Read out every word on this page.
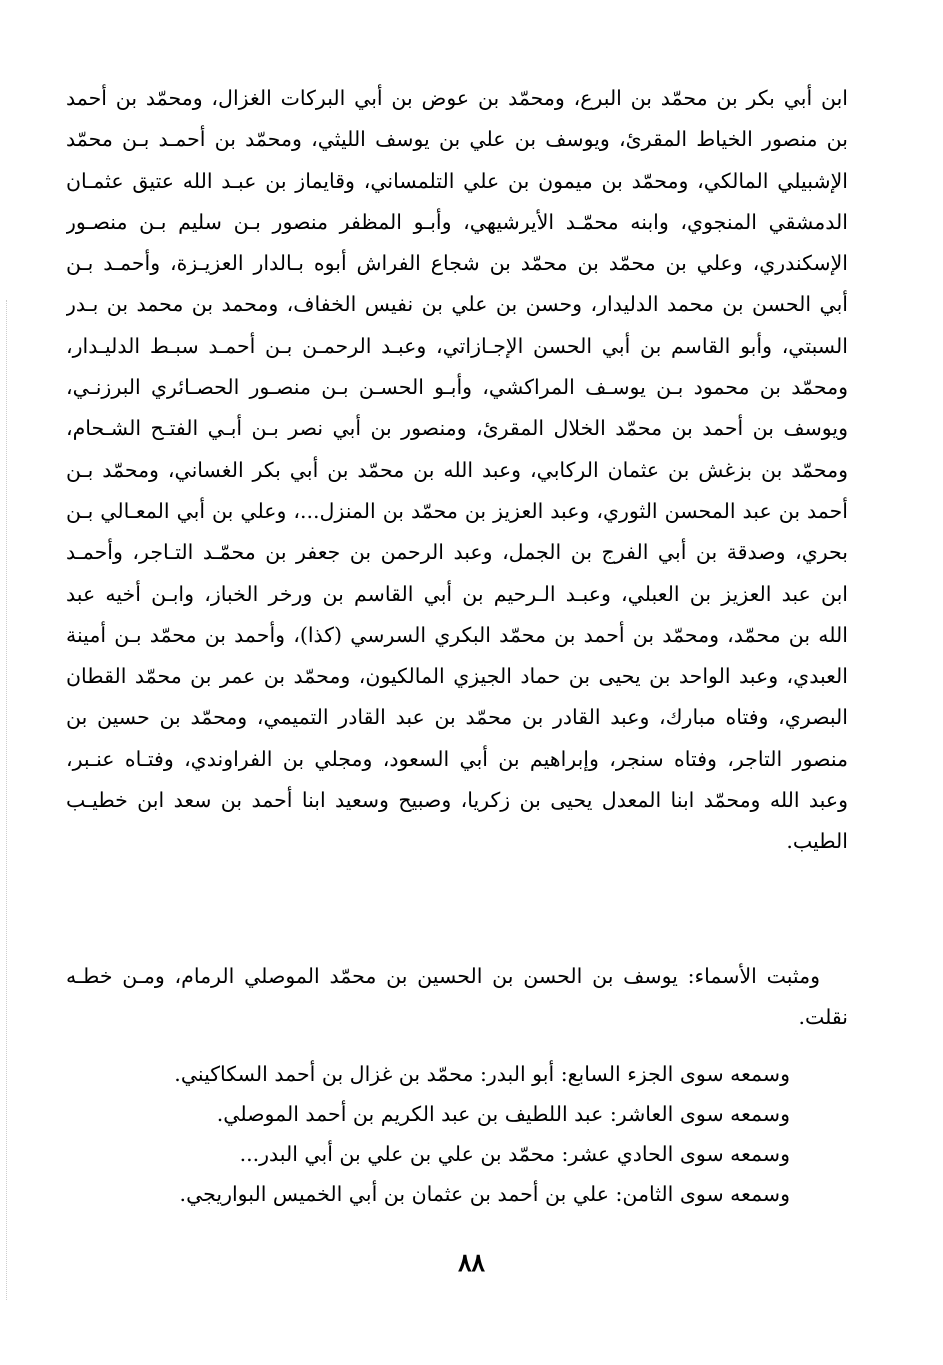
ابن أبي بكر بن محمّد بن البرع، ومحمّد بن عوض بن أبي البركات الغزال، ومحمّد بن أحمد
بن منصور الخياط المقرئ، ويوسف بن علي بن يوسف الليثي، ومحمّد بن أحمـد بـن محمّد
الإشبيلي المالكي، ومحمّد بن ميمون بن علي التلمساني، وقايماز بن عبـد الله عتيق عثمـان
الدمشقي المنجوي، وابنه محمّـد الأيرشيهي، وأبـو المظفر منصور بـن سليم بـن منصـور
الإسكندري، وعلي بن محمّد بن محمّد بن شجاع الفراش أبوه بـالدار العزيـزة، وأحمـد بـن
أبي الحسن بن محمد الدليدار، وحسن بن علي بن نفيس الخفاف، ومحمد بن محمد بن بـدر
السبتي، وأبو القاسم بن أبي الحسن الإجـازاتي، وعبـد الرحمـن بـن أحمـد سبـط الدليـدار،
ومحمّد بن محمود بـن يوسـف المراكشي، وأبـو الحسـن بـن منصـور الحصـائري البرزنـي،
ويوسف بن أحمد بن محمّد الخلال المقرئ، ومنصور بن أبي نصر بـن أبـي الفتـح الشـحام،
ومحمّد بن بزغش بن عثمان الركابي، وعبد الله بن محمّد بن أبي بكر الغساني، ومحمّد بـن
أحمد بن عبد المحسن الثوري، وعبد العزيز بن محمّد بن المنزل...، وعلي بن أبي المعـالي بـن
بحري، وصدقة بن أبي الفرج بن الجمل، وعبد الرحمن بن جعفر بن محمّـد التـاجر، وأحمـد
ابن عبد العزيز بن العبلي، وعبـد الـرحيم بن أبي القاسم بن ورخر الخباز، وابـن أخيه عبد
الله بن محمّد، ومحمّد بن أحمد بن محمّد البكري السرسي (كذا)، وأحمد بن محمّد بـن أمينة
العبدي، وعبد الواحد بن يحيى بن حماد الجيزي المالكيون، ومحمّد بن عمر بن محمّد القطان
البصري، وفتاه مبارك، وعبد القادر بن محمّد بن عبد القادر التميمي، ومحمّد بن حسين بن
منصور التاجر، وفتاه سنجر، وإبراهيم بن أبي السعود، ومجلي بن الفراوندي، وفتـاه عنـبر،
وعبد الله ومحمّد ابنا المعدل يحيى بن زكريا، وصبيح وسعيد ابنا أحمد بن سعد ابن خطيـب
الطيب.
ومثبت الأسماء: يوسف بن الحسن بن الحسين بن محمّد الموصلي الرمام، ومـن خطـه
نقلت.
وسمعه سوى الجزء السابع: أبو البدر: محمّد بن غزال بن أحمد السكاكيني.
وسمعه سوى العاشر: عبد اللطيف بن عبد الكريم بن أحمد الموصلي.
وسمعه سوى الحادي عشر: محمّد بن علي بن علي بن أبي البدر...
وسمعه سوى الثامن: علي بن أحمد بن عثمان بن أبي الخميس البواريجي.
٨٨
